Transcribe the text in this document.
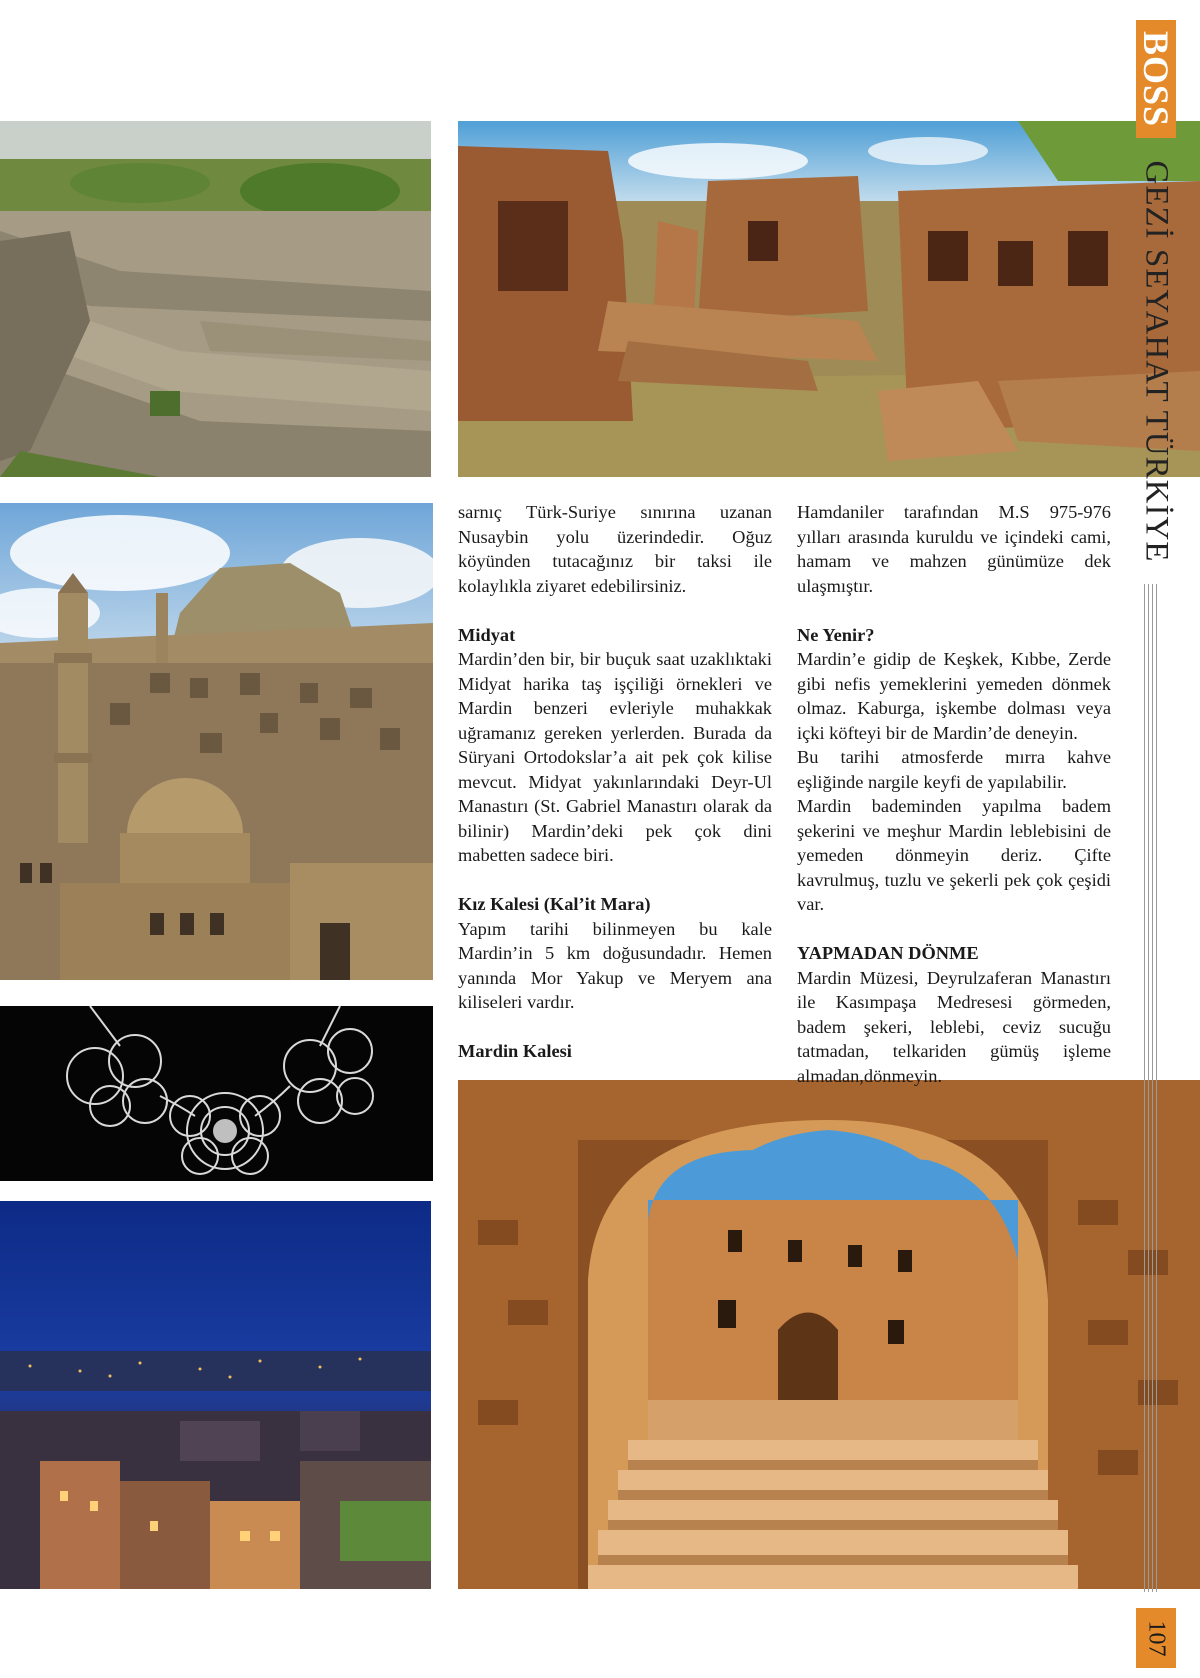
sarnıç Türk-Suriye sınırına uzanan Nusaybin yolu üzerindedir. Oğuz köyünden tutacağınız bir taksi ile kolaylıkla ziyaret edebilirsiniz.

Midyat

Mardin’den bir, bir buçuk saat uzaklıktaki Midyat harika taş işçiliği örnekleri ve Mardin benzeri evleriyle muhakkak uğramanız gereken yerlerden. Burada da Süryani Ortodokslar’a ait pek çok kilise mevcut. Midyat yakınlarındaki Deyr-Ul Manastırı (St. Gabriel Manastırı olarak da bilinir) Mardin’deki pek çok dini mabetten sadece biri.

Kız Kalesi (Kal’it Mara)

Yapım tarihi bilinmeyen bu kale Mardin’in 5 km doğusundadır. Hemen yanında Mor Yakup ve Meryem ana kiliseleri vardır.

Mardin Kalesi

Hamdaniler tarafından M.S 975-976 yılları arasında kuruldu ve içindeki cami, hamam ve mahzen günümüze dek ulaşmıştır.

Ne Yenir?

Mardin’e gidip de Keşkek, Kıbbe, Zerde gibi nefis yemeklerini yemeden dönmek olmaz. Kaburga, işkembe dolması veya içki köfteyi bir de Mardin’de deneyin.

Bu tarihi atmosferde mırra kahve eşliğinde nargile keyfi de yapılabilir.

Mardin bademinden yapılma badem şekerini ve meşhur Mardin leblebisini de yemeden dönmeyin deriz. Çifte kavrulmuş, tuzlu ve şekerli pek çok çeşidi var.

YAPMADAN DÖNME

Mardin Müzesi, Deyrulzaferan Manastırı ile Kasımpaşa Medresesi görmeden, badem şekeri, leblebi, ceviz sucuğu tatmadan, telkariden gümüş işleme almadan,dönmeyin.

BOSS
GEZİ SEYAHAT TÜRKİYE
107
